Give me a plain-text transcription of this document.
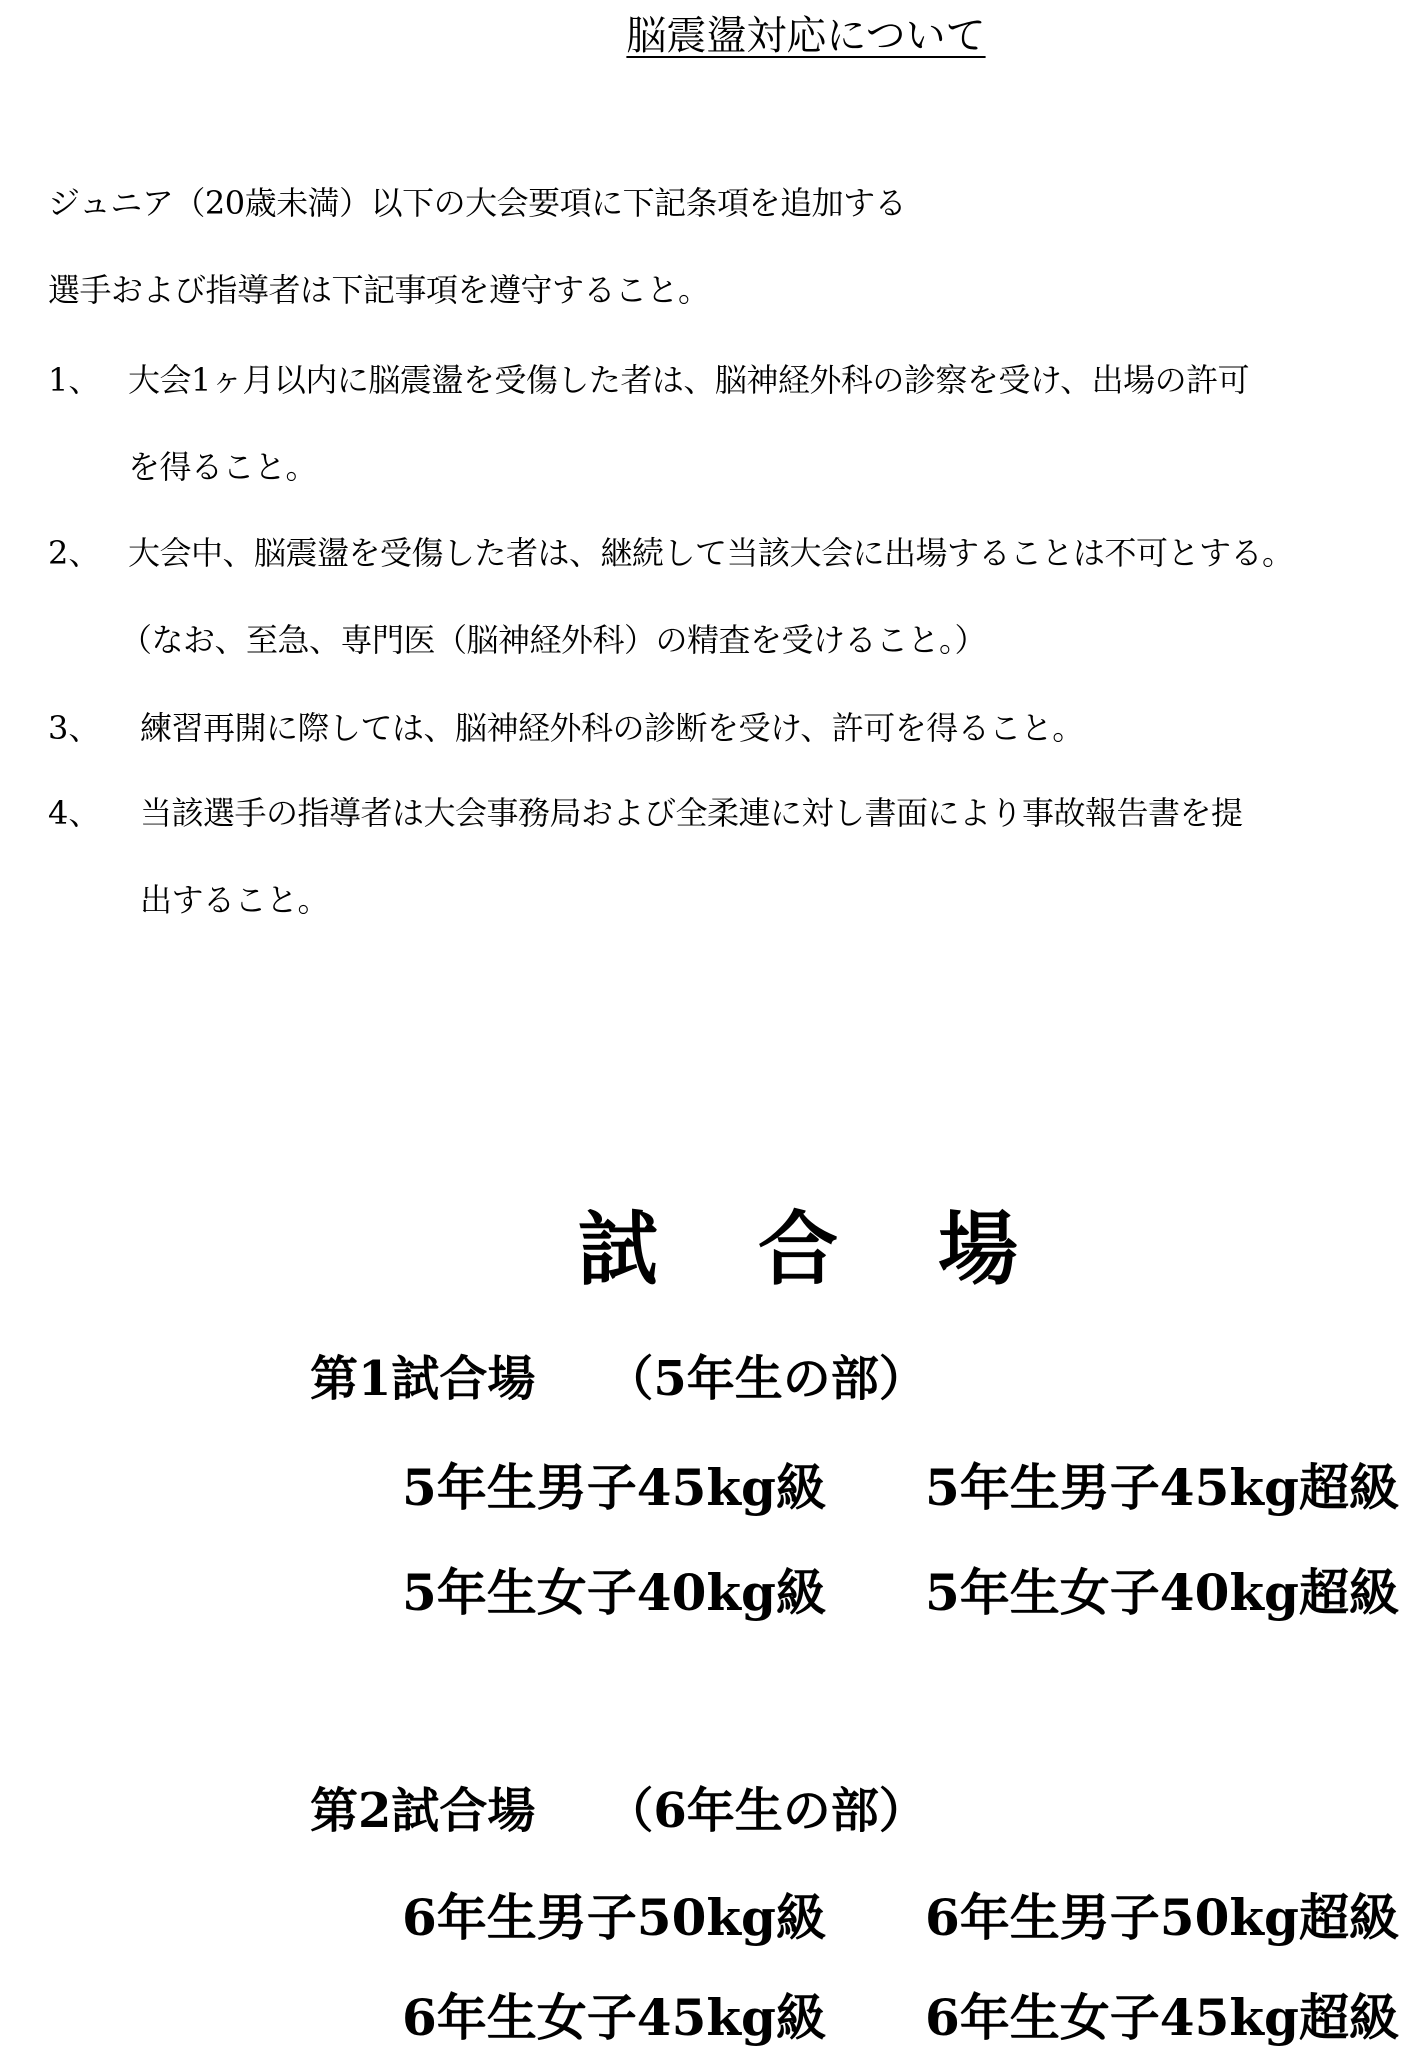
脳震盪対応について
ジュニア（20歳未満）以下の大会要項に下記条項を追加する
選手および指導者は下記事項を遵守すること。
1、 大会1ヶ月以内に脳震盪を受傷した者は、脳神経外科の診察を受け、出場の許可
を得ること。
2、 大会中、脳震盪を受傷した者は、継続して当該大会に出場することは不可とする。
（なお、至急、専門医（脳神経外科）の精査を受けること。）
3、 練習再開に際しては、脳神経外科の診断を受け、許可を得ること。
4、 当該選手の指導者は大会事務局および全柔連に対し書面により事故報告書を提
出すること。
試合場
第1試合場 （5年生の部）
5年生男子45kg級 5年生男子45kg超級
5年生女子40kg級 5年生女子40kg超級
第2試合場 （6年生の部）
6年生男子50kg級 6年生男子50kg超級
6年生女子45kg級 6年生女子45kg超級
